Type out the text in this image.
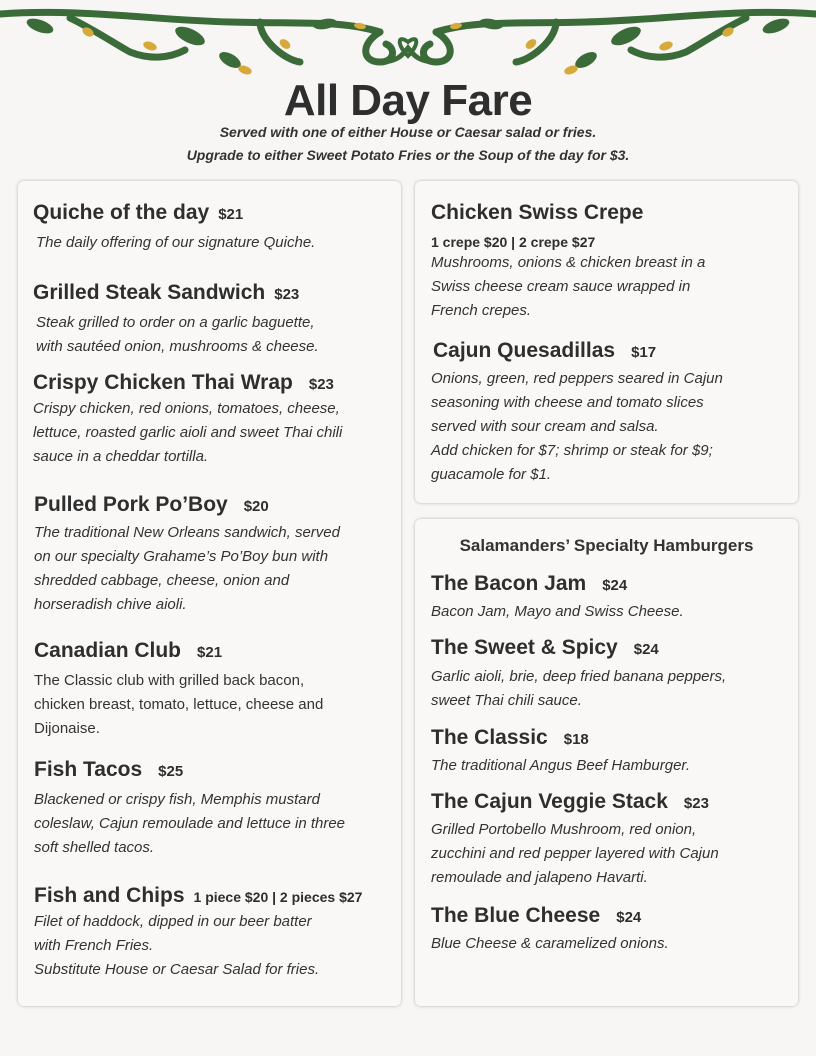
All Day Fare
Served with one of either House or Caesar salad or fries.
Upgrade to either Sweet Potato Fries or the Soup of the day for $3.
Quiche of the day $21
The daily offering of our signature Quiche.
Grilled Steak Sandwich $23
Steak grilled to order on a garlic baguette,
with sautéed onion, mushrooms & cheese.
Crispy Chicken Thai Wrap $23
Crispy chicken, red onions, tomatoes, cheese,
lettuce, roasted garlic aioli and sweet Thai chili
sauce in a cheddar tortilla.
Pulled Pork Po’Boy $20
The traditional New Orleans sandwich, served
on our specialty Grahame’s Po’Boy bun with
shredded cabbage, cheese, onion and
horseradish chive aioli.
Canadian Club $21
The Classic club with grilled back bacon,
chicken breast, tomato, lettuce, cheese and
Dijonaise.
Fish Tacos $25
Blackened or crispy fish, Memphis mustard
coleslaw, Cajun remoulade and lettuce in three
soft shelled tacos.
Fish and Chips 1 piece $20 | 2 pieces $27
Filet of haddock, dipped in our beer batter
with French Fries.
Substitute House or Caesar Salad for fries.
Chicken Swiss Crepe
1 crepe $20 | 2 crepe $27
Mushrooms, onions & chicken breast in a
Swiss cheese cream sauce wrapped in
French crepes.
Cajun Quesadillas $17
Onions, green, red peppers seared in Cajun
seasoning with cheese and tomato slices
served with sour cream and salsa.
Add chicken for $7; shrimp or steak for $9;
guacamole for $1.
Salamanders’ Specialty Hamburgers
The Bacon Jam $24
Bacon Jam, Mayo and Swiss Cheese.
The Sweet & Spicy $24
Garlic aioli, brie, deep fried banana peppers,
sweet Thai chili sauce.
The Classic $18
The traditional Angus Beef Hamburger.
The Cajun Veggie Stack $23
Grilled Portobello Mushroom, red onion,
zucchini and red pepper layered with Cajun
remoulade and jalapeno Havarti.
The Blue Cheese $24
Blue Cheese & caramelized onions.
